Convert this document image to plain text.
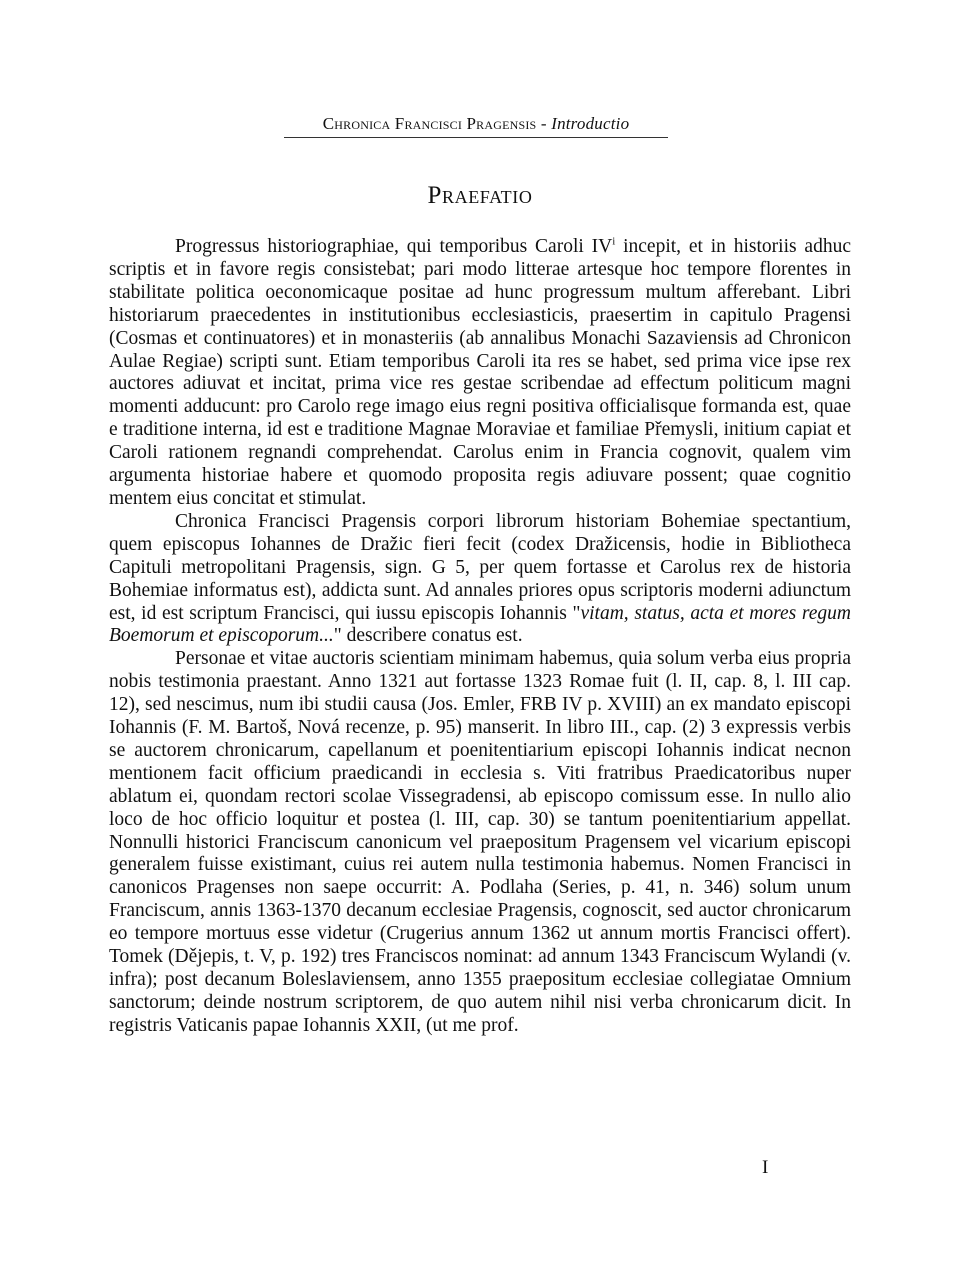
Chronica Francisci Pragensis - Introductio
Praefatio

Progressus historiographiae, qui temporibus Caroli $IV^i$ incepit, et in historiis adhuc scriptis et in favore regis consistebat; pari modo litterae artesque hoc tempore florentes in stabilitate politica oeconomicaque positae ad hunc progressum multum afferebant. Libri historiarum praecedentes in institutionibus ecclesiasticis, praesertim in capitulo Pragensi (Cosmas et continuatores) et in monasteriis (ab annalibus Monachi Sazaviensis ad Chronicon Aulae Regiae) scripti sunt. Etiam temporibus Caroli ita res se habet, sed prima vice ipse rex auctores adiuvat et incitat, prima vice res gestae scribendae ad effectum politicum magni momenti adducunt: pro Carolo rege imago eius regni positiva officialisque formanda est, quae e traditione interna, id est e traditione Magnae Moraviae et familiae Přemysli, initium capiat et Caroli rationem regnandi comprehendat. Carolus enim in Francia cognovit, qualem vim argumenta historiae habere et quomodo proposita regis adiuvare possent; quae cognitio mentem eius concitat et stimulat.

Chronica Francisci Pragensis corpori librorum historiam Bohemiae spectantium, quem episcopus Iohannes de Dražic fieri fecit (codex Dražicensis, hodie in Bibliotheca Capituli metropolitani Pragensis, sign. G 5, per quem fortasse et Carolus rex de historia Bohemiae informatus est), addicta sunt. Ad annales priores opus scriptoris moderni adiunctum est, id est scriptum Francisci, qui iussu episcopis Iohannis "vitam, status, acta et mores regum Boemorum et episcoporum..." describere conatus est.

Personae et vitae auctoris scientiam minimam habemus, quia solum verba eius propria nobis testimonia praestant. Anno 1321 aut fortasse 1323 Romae fuit (l. II, cap. 8, l. III cap. 12), sed nescimus, num ibi studii causa (Jos. Emler, FRB IV p. XVIII) an ex mandato episcopi Iohannis (F. M. Bartoš, Nová recenze, p. 95) manserit. In libro III., cap. (2) 3 expressis verbis se auctorem chronicarum, capellanum et poenitentiarium episcopi Iohannis indicat necnon mentionem facit officium praedicandi in ecclesia s. Viti fratribus Praedicatoribus nuper ablatum ei, quondam rectori scolae Vissegradensi, ab episcopo comissum esse. In nullo alio loco de hoc officio loquitur et postea (l. III, cap. 30) se tantum poenitentiarium appellat. Nonnulli historici Franciscum canonicum vel praepositum Pragensem vel vicarium episcopi generalem fuisse existimant, cuius rei autem nulla testimonia habemus. Nomen Francisci in canonicos Pragenses non saepe occurrit: A. Podlaha (Series, p. 41, n. 346) solum unum Franciscum, annis 1363-1370 decanum ecclesiae Pragensis, cognoscit, sed auctor chronicarum eo tempore mortuus esse videtur (Crugerius annum 1362 ut annum mortis Francisci offert). Tomek (Dějepis, t. V, p. 192) tres Franciscos nominat: ad annum 1343 Franciscum Wylandi (v. infra); post decanum Boleslaviensem, anno 1355 praepositum ecclesiae collegiatae Omnium sanctorum; deinde nostrum scriptorem, de quo autem nihil nisi verba chronicarum dicit. In registris Vaticanis papae Iohannis XXII, (ut me prof.

I
